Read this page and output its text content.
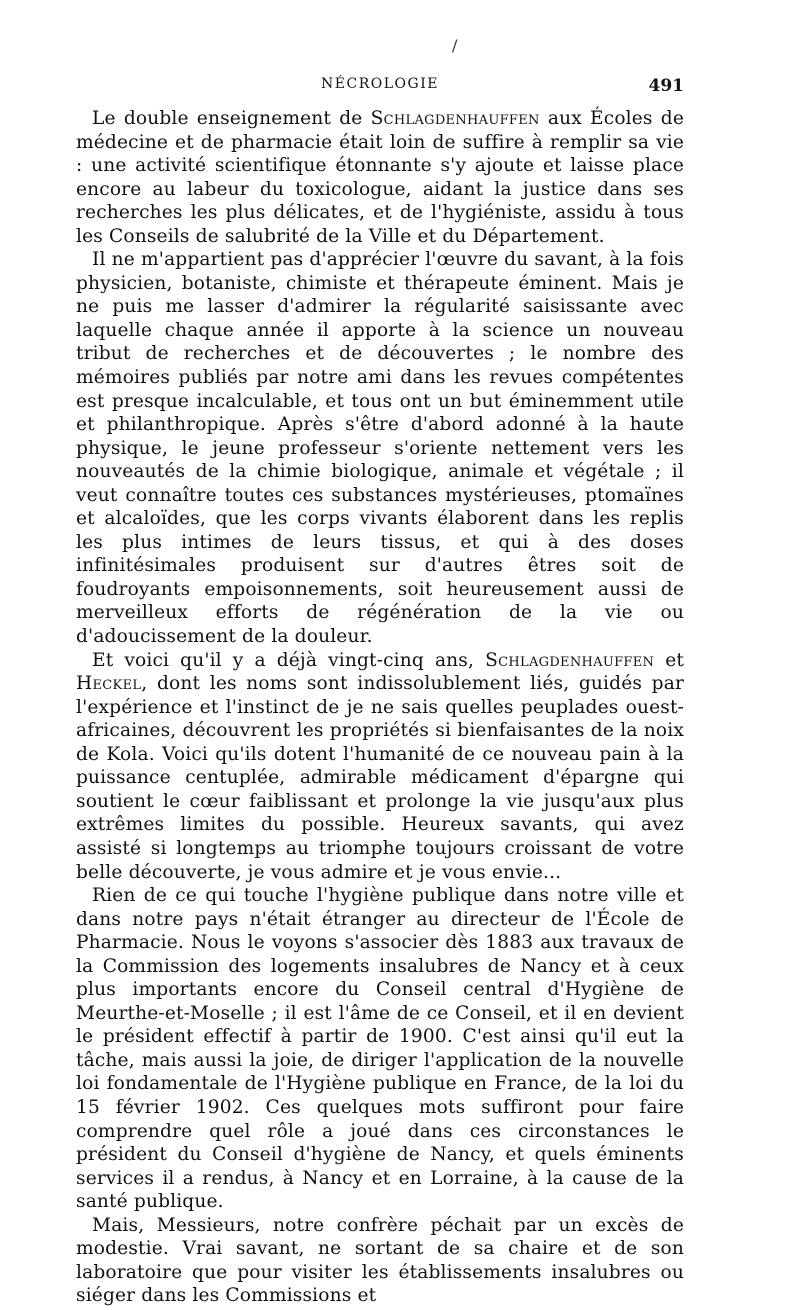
/
NÉCROLOGIE	491

Le double enseignement de Schlagdenhauffen aux Écoles de médecine et de pharmacie était loin de suffire à remplir sa vie : une activité scientifique étonnante s'y ajoute et laisse place encore au labeur du toxicologue, aidant la justice dans ses recherches les plus délicates, et de l'hygiéniste, assidu à tous les Conseils de salubrité de la Ville et du Département.

Il ne m'appartient pas d'apprécier l'œuvre du savant, à la fois physicien, botaniste, chimiste et thérapeute éminent. Mais je ne puis me lasser d'admirer la régularité saisissante avec laquelle chaque année il apporte à la science un nouveau tribut de recherches et de découvertes ; le nombre des mémoires publiés par notre ami dans les revues compétentes est presque incalculable, et tous ont un but éminemment utile et philanthropique. Après s'être d'abord adonné à la haute physique, le jeune professeur s'oriente nettement vers les nouveautés de la chimie biologique, animale et végétale ; il veut connaître toutes ces substances mystérieuses, ptomaïnes et alcaloïdes, que les corps vivants élaborent dans les replis les plus intimes de leurs tissus, et qui à des doses infinitésimales produisent sur d'autres êtres soit de foudroyants empoisonnements, soit heureusement aussi de merveilleux efforts de régénération de la vie ou d'adoucissement de la douleur.

Et voici qu'il y a déjà vingt-cinq ans, Schlagdenhauffen et Heckel, dont les noms sont indissolublement liés, guidés par l'expérience et l'instinct de je ne sais quelles peuplades ouest-africaines, découvrent les propriétés si bienfaisantes de la noix de Kola. Voici qu'ils dotent l'humanité de ce nouveau pain à la puissance centuplée, admirable médicament d'épargne qui soutient le cœur faiblissant et prolonge la vie jusqu'aux plus extrêmes limites du possible. Heureux savants, qui avez assisté si longtemps au triomphe toujours croissant de votre belle découverte, je vous admire et je vous envie...

Rien de ce qui touche l'hygiène publique dans notre ville et dans notre pays n'était étranger au directeur de l'École de Pharmacie. Nous le voyons s'associer dès 1883 aux travaux de la Commission des logements insalubres de Nancy et à ceux plus importants encore du Conseil central d'Hygiène de Meurthe-et-Moselle ; il est l'âme de ce Conseil, et il en devient le président effectif à partir de 1900. C'est ainsi qu'il eut la tâche, mais aussi la joie, de diriger l'application de la nouvelle loi fondamentale de l'Hygiène publique en France, de la loi du 15 février 1902. Ces quelques mots suffiront pour faire comprendre quel rôle a joué dans ces circonstances le président du Conseil d'hygiène de Nancy, et quels éminents services il a rendus, à Nancy et en Lorraine, à la cause de la santé publique.

Mais, Messieurs, notre confrère péchait par un excès de modestie. Vrai savant, ne sortant de sa chaire et de son laboratoire que pour visiter les établissements insalubres ou siéger dans les Commissions et
